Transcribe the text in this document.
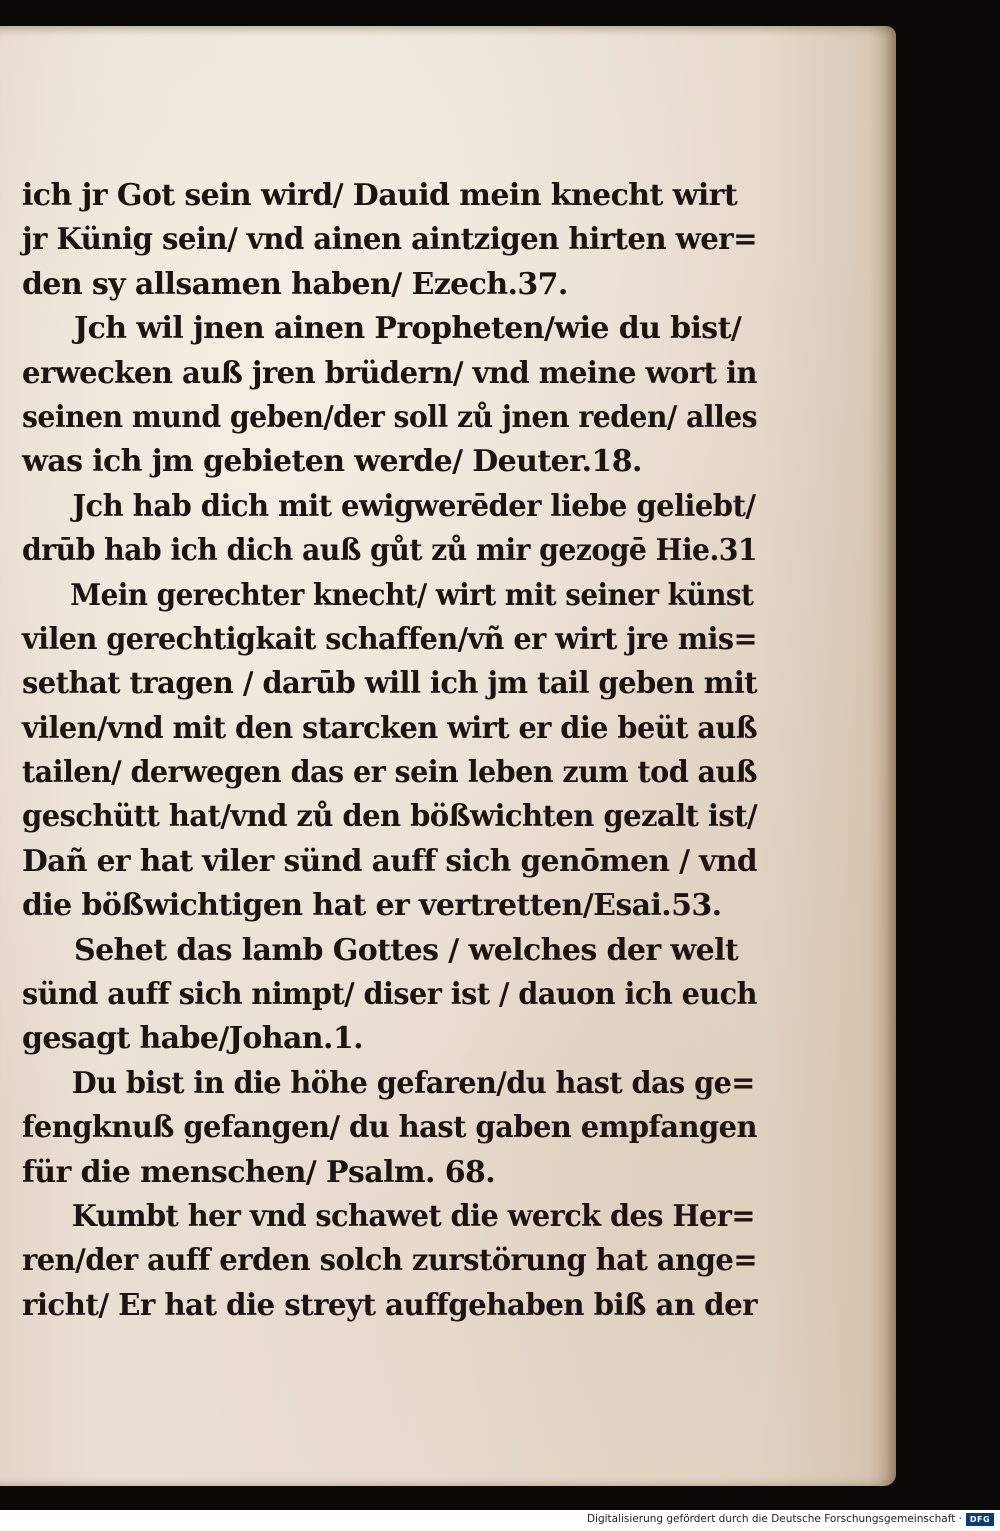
ich jr Got sein wird/ Dauid mein knecht wirt
jr Künig sein/ vnd ainen aintzigen hirten wer=
den sy allsamen haben/ Ezech.37.
Jch wil jnen ainen Propheten/wie du bist/
erwecken auß jren brüdern/ vnd meine wort in
seinen mund geben/der soll zů jnen reden/ alles
was ich jm gebieten werde/ Deuter.18.
Jch hab dich mit ewigwerēder liebe geliebt/
drūb hab ich dich auß gůt zů mir gezogē Hie.31
Mein gerechter knecht/ wirt mit seiner künst
vilen gerechtigkait schaffen/vñ er wirt jre mis=
sethat tragen / darūb will ich jm tail geben mit
vilen/vnd mit den starcken wirt er die beüt auß
tailen/ derwegen das er sein leben zum tod auß
geschütt hat/vnd zů den bößwichten gezalt ist/
Dañ er hat viler sünd auff sich genōmen / vnd
die bößwichtigen hat er vertretten/Esai.53.
Sehet das lamb Gottes / welches der welt
sünd auff sich nimpt/ diser ist / dauon ich euch
gesagt habe/Johan.1.
Du bist in die höhe gefaren/du hast das ge=
fengknuß gefangen/ du hast gaben empfangen
für die menschen/ Psalm. 68.
Kumbt her vnd schawet die werck des Her=
ren/der auff erden solch zurstörung hat ange=
richt/ Er hat die streyt auffgehaben biß an der
Digitalisierung gefördert durch die Deutsche Forschungsgemeinschaft · DFG
